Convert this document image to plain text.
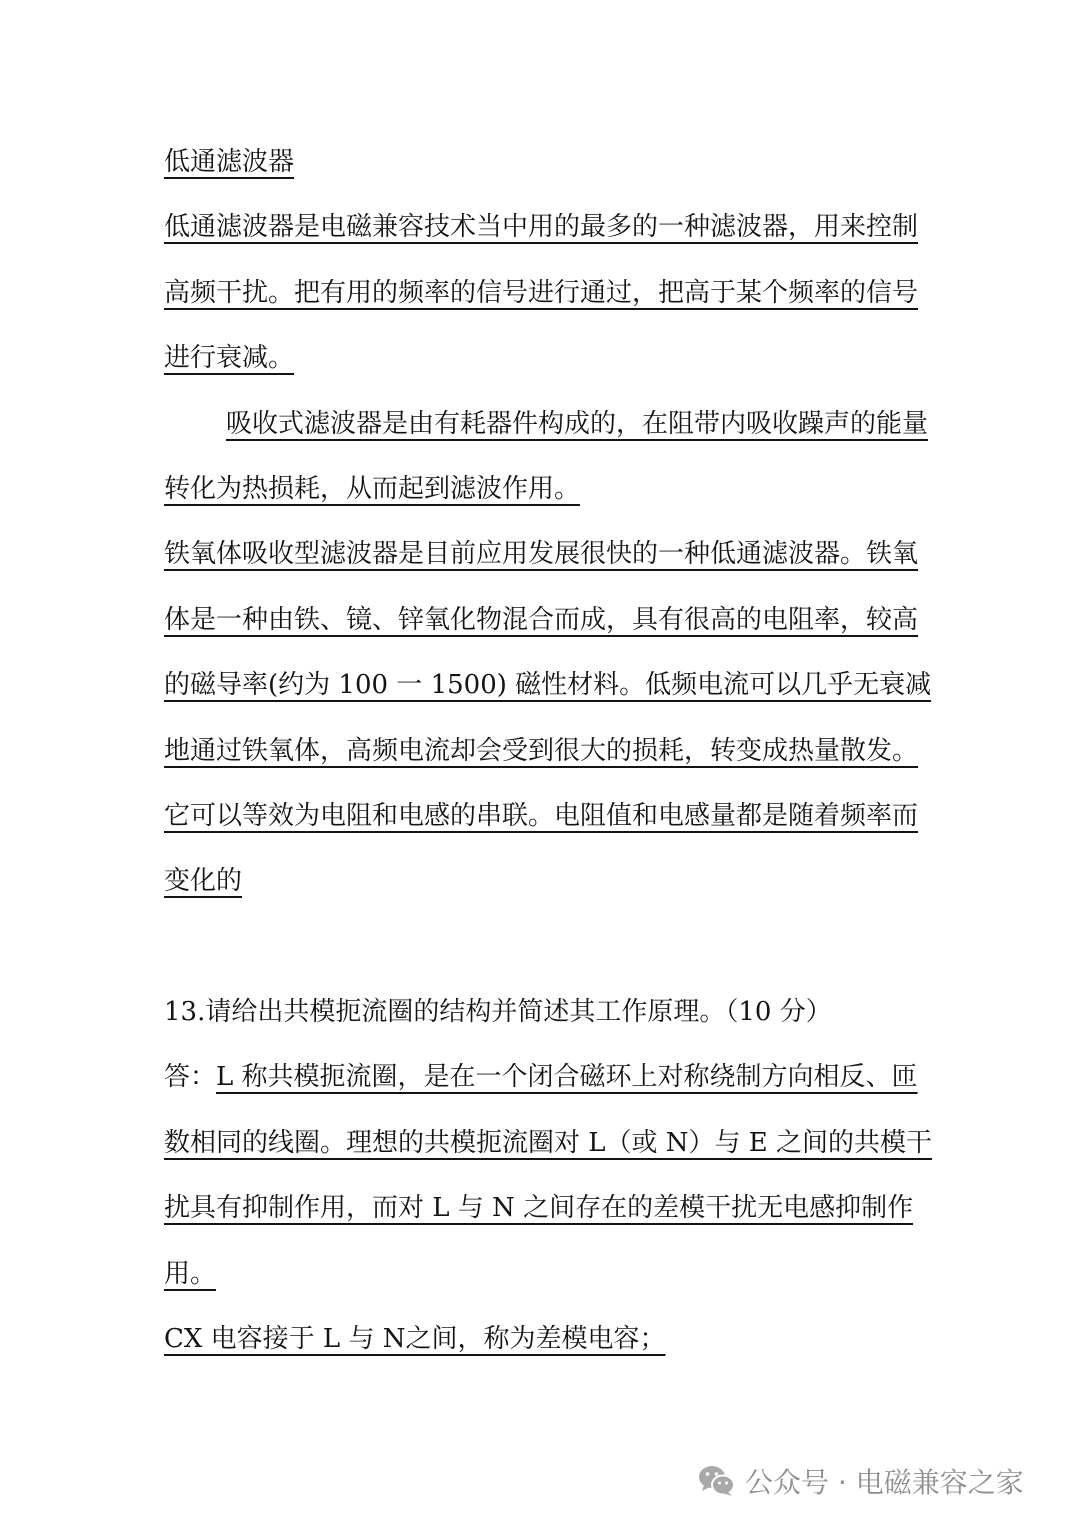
低通滤波器
低通滤波器是电磁兼容技术当中用的最多的一种滤波器，用来控制
高频干扰。把有用的频率的信号进行通过，把高于某个频率的信号
进行衰减。
吸收式滤波器是由有耗器件构成的，在阻带内吸收躁声的能量
转化为热损耗，从而起到滤波作用。
铁氧体吸收型滤波器是目前应用发展很快的一种低通滤波器。铁氧
体是一种由铁、镜、锌氧化物混合而成，具有很高的电阻率，较高
的磁导率(约为 100 一 1500) 磁性材料。低频电流可以几乎无衰减
地通过铁氧体，高频电流却会受到很大的损耗，转变成热量散发。
它可以等效为电阻和电感的串联。电阻值和电感量都是随着频率而
变化的
13.请给出共模扼流圈的结构并简述其工作原理。（10 分）
答：L 称共模扼流圈，是在一个闭合磁环上对称绕制方向相反、匝
数相同的线圈。理想的共模扼流圈对 L（或 N）与 E 之间的共模干
扰具有抑制作用，而对 L 与 N 之间存在的差模干扰无电感抑制作
用。
CX 电容接于 L 与 N之间，称为差模电容；
公众号 · 电磁兼容之家
